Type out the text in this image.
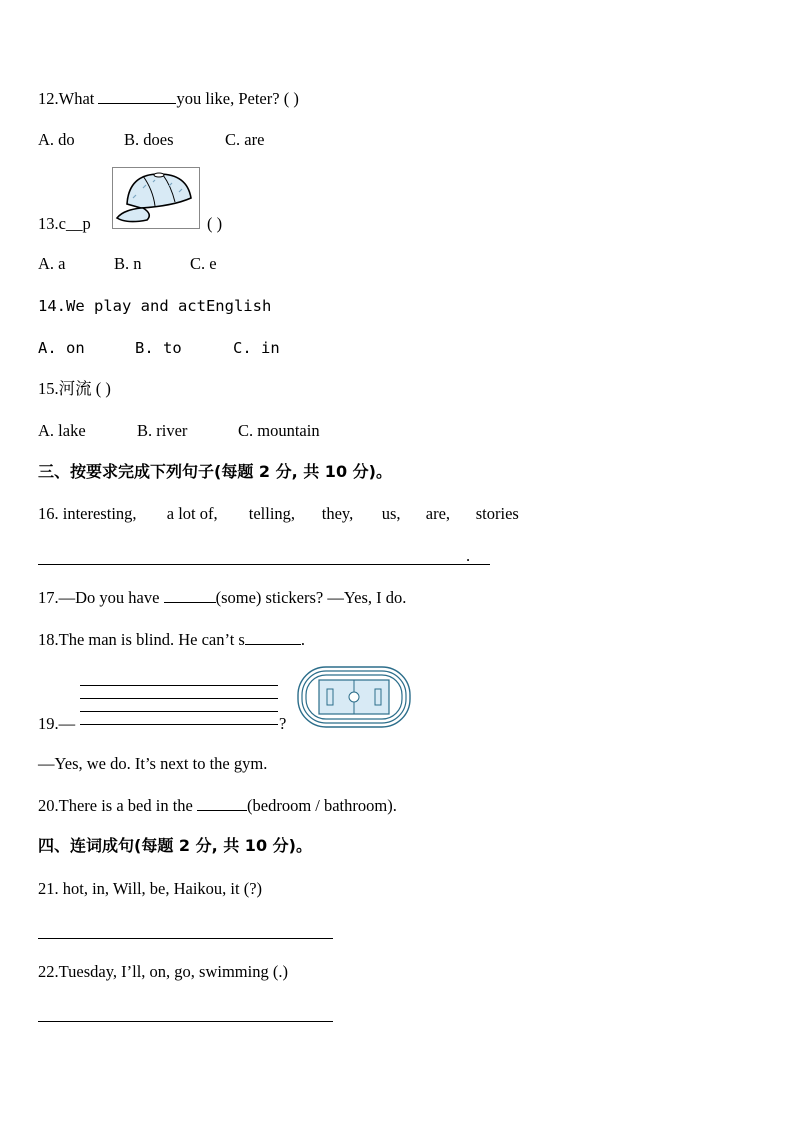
12.What	you like, Peter? ( )
A. do	B. does	C. are
13.c__p	( )
A. a	B. n	C. e
14.We play and actEnglish
A. on	B. to	C. in
15.河流 ( )
A. lake	B. river	C. mountain
三、按要求完成下列句子(每题 2 分, 共 10 分)。
16. interesting, a lot of, telling, they, us, are, stories
.
17.—Do you have	(some) stickers? —Yes, I do.
18.The man is blind. He can’t s	.
19.—	?
—Yes, we do. It’s next to the gym.
20.There is a bed in the	(bedroom / bathroom).
四、连词成句(每题 2 分, 共 10 分)。
21. hot, in, Will, be, Haikou, it (?)
22.Tuesday, I’ll, on, go, swimming (.)
